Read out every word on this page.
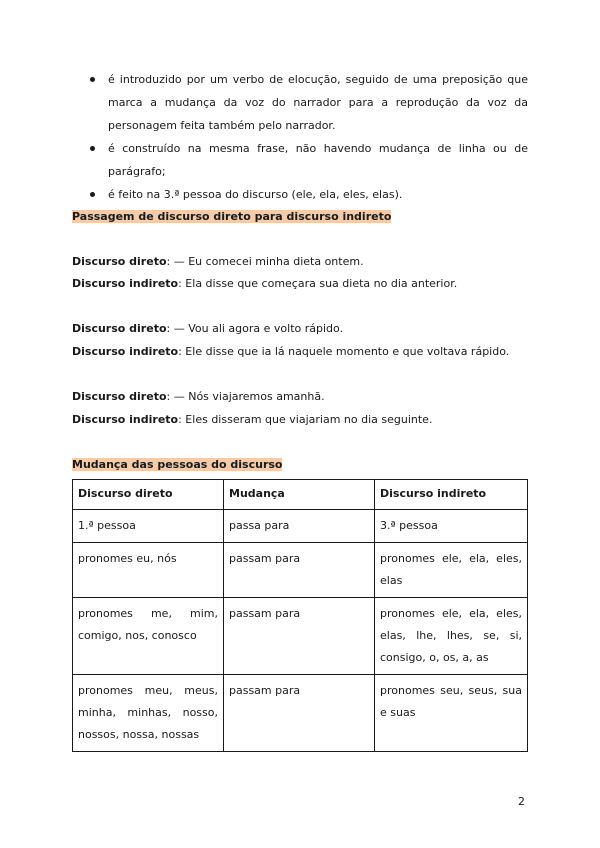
é introduzido por um verbo de elocução, seguido de uma preposição que marca a mudança da voz do narrador para a reprodução da voz da personagem feita também pelo narrador.
é construído na mesma frase, não havendo mudança de linha ou de parágrafo;
é feito na 3.ª pessoa do discurso (ele, ela, eles, elas).
Passagem de discurso direto para discurso indireto
Discurso direto: — Eu comecei minha dieta ontem.
Discurso indireto: Ela disse que começara sua dieta no dia anterior.
Discurso direto: — Vou ali agora e volto rápido.
Discurso indireto: Ele disse que ia lá naquele momento e que voltava rápido.
Discurso direto: — Nós viajaremos amanhã.
Discurso indireto: Eles disseram que viajariam no dia seguinte.
Mudança das pessoas do discurso
Discurso direto	Mudança	Discurso indireto
1.ª pessoa	passa para	3.ª pessoa
pronomes eu, nós	passam para	pronomes ele, ela, eles, elas
pronomes me, mim, comigo, nos, conosco	passam para	pronomes ele, ela, eles, elas, lhe, lhes, se, si, consigo, o, os, a, as
pronomes meu, meus, minha, minhas, nosso, nossos, nossa, nossas	passam para	pronomes seu, seus, sua e suas
2
